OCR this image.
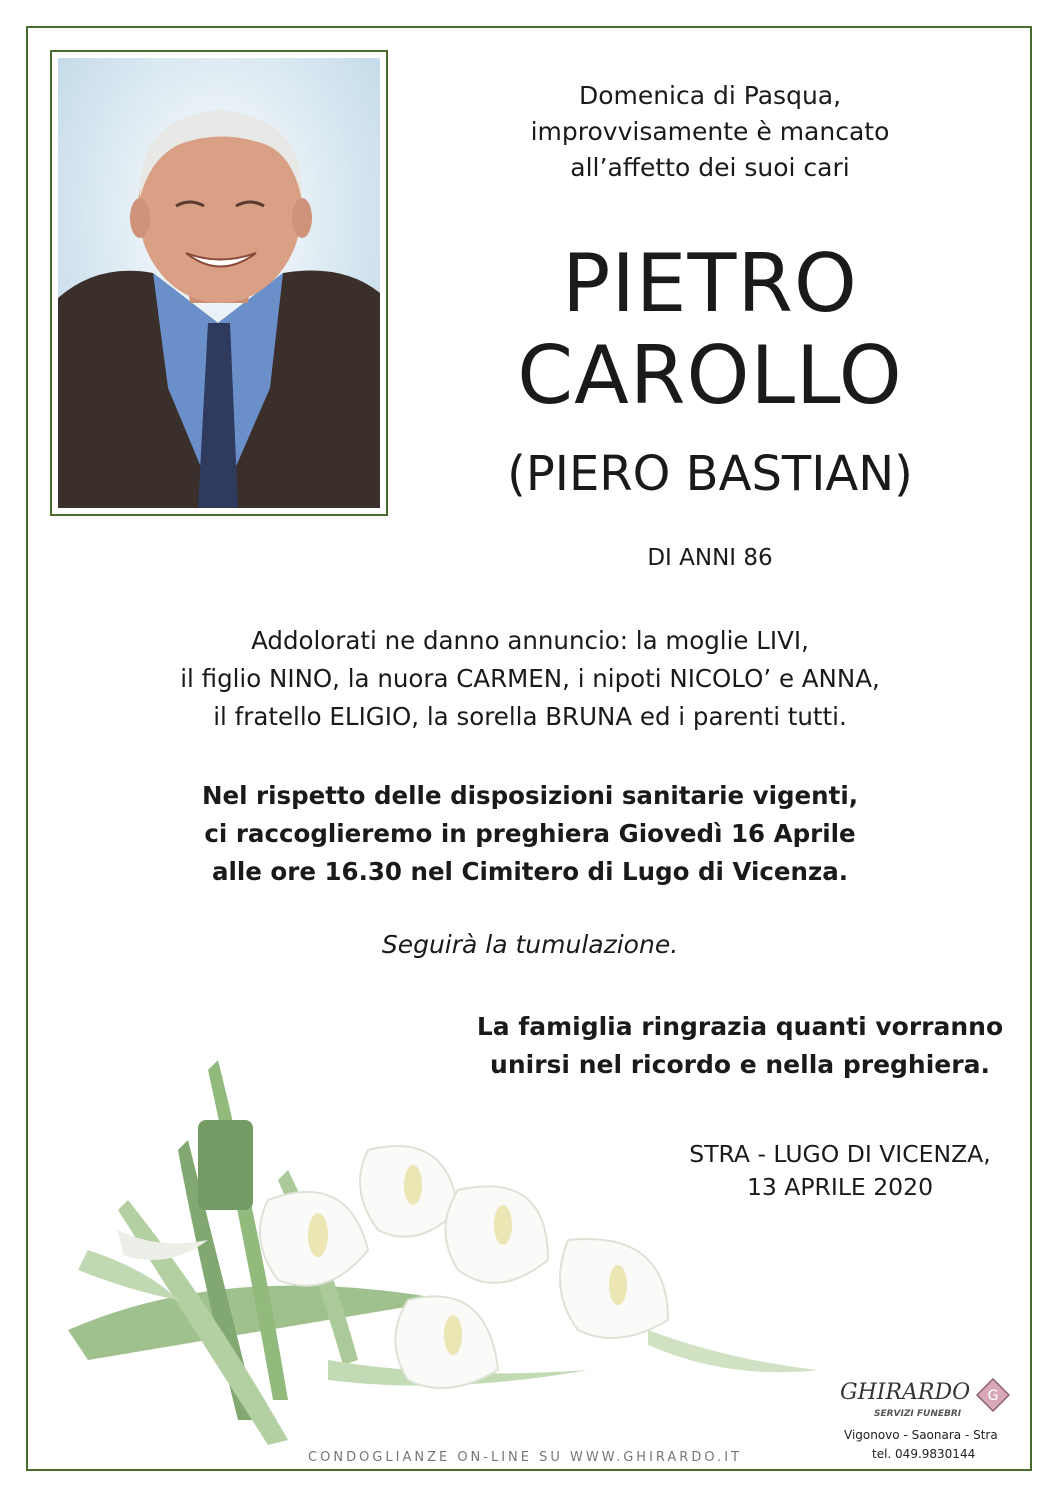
Domenica di Pasqua,
improvvisamente è mancato
all’affetto dei suoi cari
PIETRO
CAROLLO
(PIERO BASTIAN)
DI ANNI 86
Addolorati ne danno annuncio: la moglie LIVI,
il figlio NINO, la nuora CARMEN, i nipoti NICOLO’ e ANNA,
il fratello ELIGIO, la sorella BRUNA ed i parenti tutti.
Nel rispetto delle disposizioni sanitarie vigenti,
ci raccoglieremo in preghiera Giovedì 16 Aprile
alle ore 16.30 nel Cimitero di Lugo di Vicenza.
Seguirà la tumulazione.
La famiglia ringrazia quanti vorranno
unirsi nel ricordo e nella preghiera.
STRA - LUGO DI VICENZA,
13 APRILE 2020
CONDOGLIANZE ON-LINE SU WWW.GHIRARDO.IT
GHIRARDO
SERVIZI FUNEBRI
G
Vigonovo - Saonara - Stra
tel. 049.9830144
